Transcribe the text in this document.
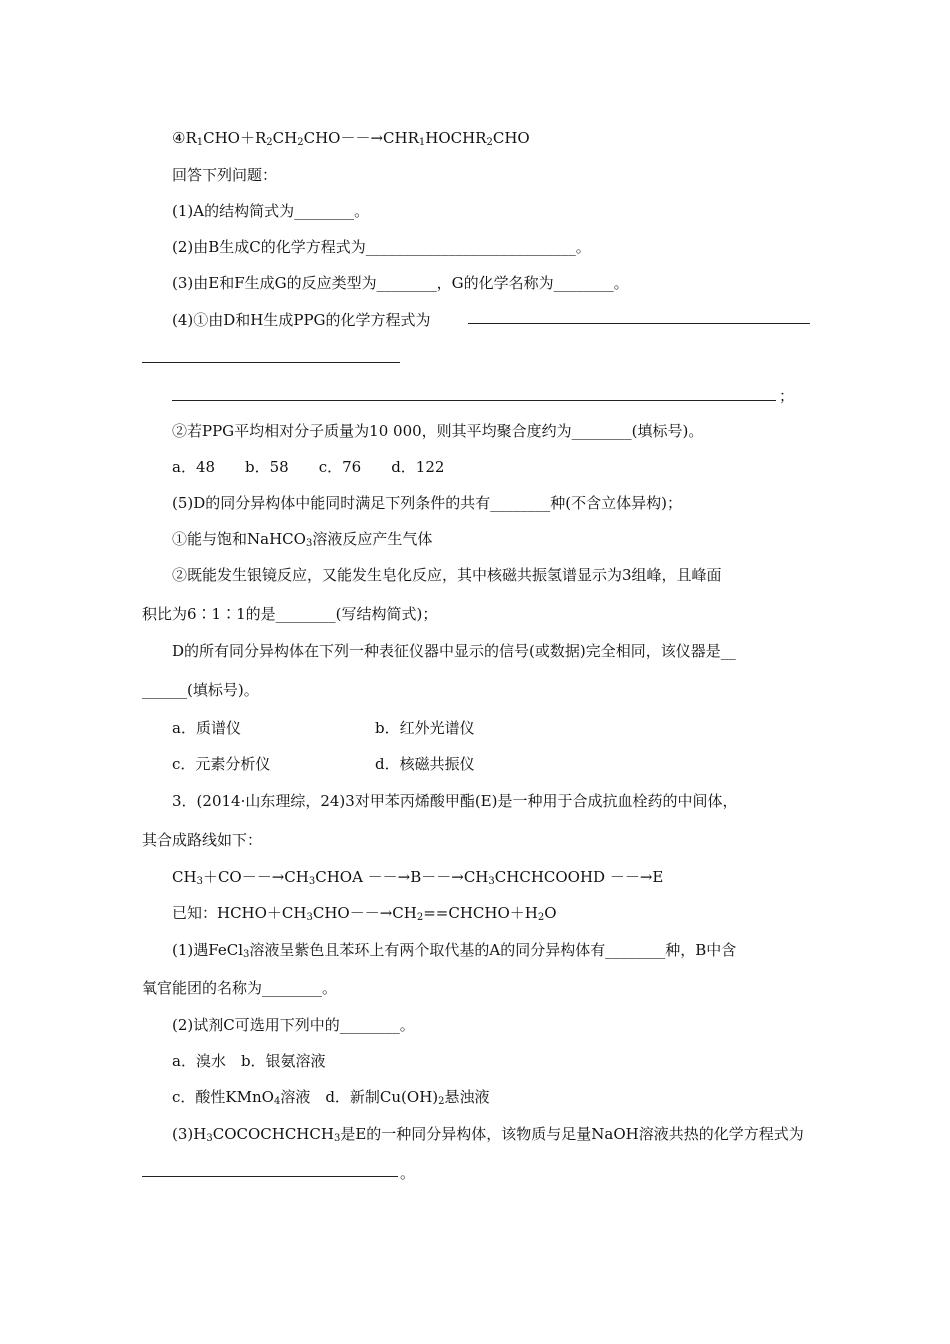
$④R_1CHO+R_2CH_2CHO--\to CHR_1HOCHR_2CHO$
回答下列问题：
(1)A的结构简式为________。
(2)由B生成C的化学方程式为____________________________。
(3)由E和F生成G的反应类型为________，G的化学名称为________。
(4)①由D和H生成PPG的化学方程式为
；
②若PPG平均相对分子质量为10 000，则其平均聚合度约为________(填标号)。
a．48　　b．58　　c．76　　d．122
(5)D的同分异构体中能同时满足下列条件的共有________种(不含立体异构)；
①能与饱和NaHCO$_3$溶液反应产生气体
②既能发生银镜反应，又能发生皂化反应，其中核磁共振氢谱显示为3组峰，且峰面
积比为6∶1∶1的是________(写结构简式)；
D的所有同分异构体在下列一种表征仪器中显示的信号(或数据)完全相同，该仪器是__
______(填标号)。
a．质谱仪	b．红外光谱仪
c．元素分析仪	d．核磁共振仪
3．(2014·山东理综，24)3对甲苯丙烯酸甲酯(E)是一种用于合成抗血栓药的中间体，
其合成路线如下：
$CH_3+CO--\to CH_3CHOA$ $--\to B--\to CH_3CHCHCOOHD --\to E$
已知：$HCHO+CH_3CHO--\to CH_2==CHCHO+H_2O$
(1)遇FeCl$_3$溶液呈紫色且苯环上有两个取代基的A的同分异构体有________种，B中含
氧官能团的名称为________。
(2)试剂C可选用下列中的________。
a．溴水　b．银氨溶液
c．酸性KMnO$_4$溶液　d．新制$Cu(OH)_2$悬浊液
$(3)H_3COCOCHCHCH_3$是E的一种同分异构体，该物质与足量NaOH溶液共热的化学方程式为
。
